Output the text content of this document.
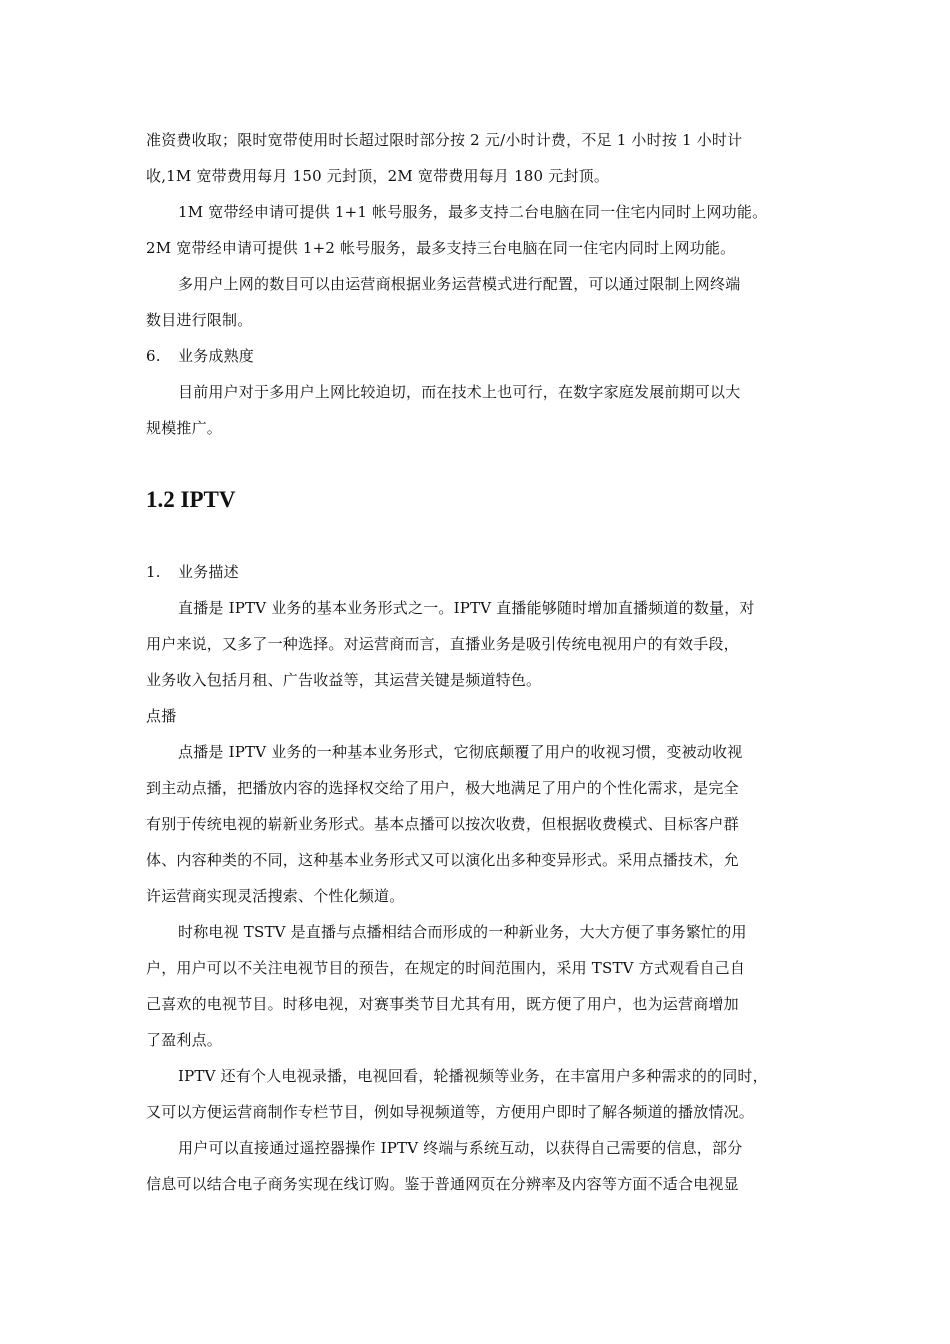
准资费收取；限时宽带使用时长超过限时部分按 2 元/小时计费，不足 1 小时按 1 小时计
收,1M 宽带费用每月 150 元封顶，2M 宽带费用每月 180 元封顶。
1M 宽带经申请可提供 1+1 帐号服务，最多支持二台电脑在同一住宅内同时上网功能。
2M 宽带经申请可提供 1+2 帐号服务，最多支持三台电脑在同一住宅内同时上网功能。
多用户上网的数目可以由运营商根据业务运营模式进行配置，可以通过限制上网终端
数目进行限制。
6. 业务成熟度
目前用户对于多用户上网比较迫切，而在技术上也可行，在数字家庭发展前期可以大
规模推广。
1.2 IPTV
1. 业务描述
直播是 IPTV 业务的基本业务形式之一。IPTV 直播能够随时增加直播频道的数量，对
用户来说，又多了一种选择。对运营商而言，直播业务是吸引传统电视用户的有效手段，
业务收入包括月租、广告收益等，其运营关键是频道特色。
点播
点播是 IPTV 业务的一种基本业务形式，它彻底颠覆了用户的收视习惯，变被动收视
到主动点播，把播放内容的选择权交给了用户，极大地满足了用户的个性化需求，是完全
有别于传统电视的崭新业务形式。基本点播可以按次收费，但根据收费模式、目标客户群
体、内容种类的不同，这种基本业务形式又可以演化出多种变异形式。采用点播技术，允
许运营商实现灵活搜索、个性化频道。
时称电视 TSTV 是直播与点播相结合而形成的一种新业务，大大方便了事务繁忙的用
户，用户可以不关注电视节目的预告，在规定的时间范围内，采用 TSTV 方式观看自己自
己喜欢的电视节目。时移电视，对赛事类节目尤其有用，既方便了用户，也为运营商增加
了盈利点。
IPTV 还有个人电视录播，电视回看，轮播视频等业务，在丰富用户多种需求的的同时，
又可以方便运营商制作专栏节目，例如导视频道等，方便用户即时了解各频道的播放情况。
用户可以直接通过遥控器操作 IPTV 终端与系统互动，以获得自己需要的信息，部分
信息可以结合电子商务实现在线订购。鉴于普通网页在分辨率及内容等方面不适合电视显
